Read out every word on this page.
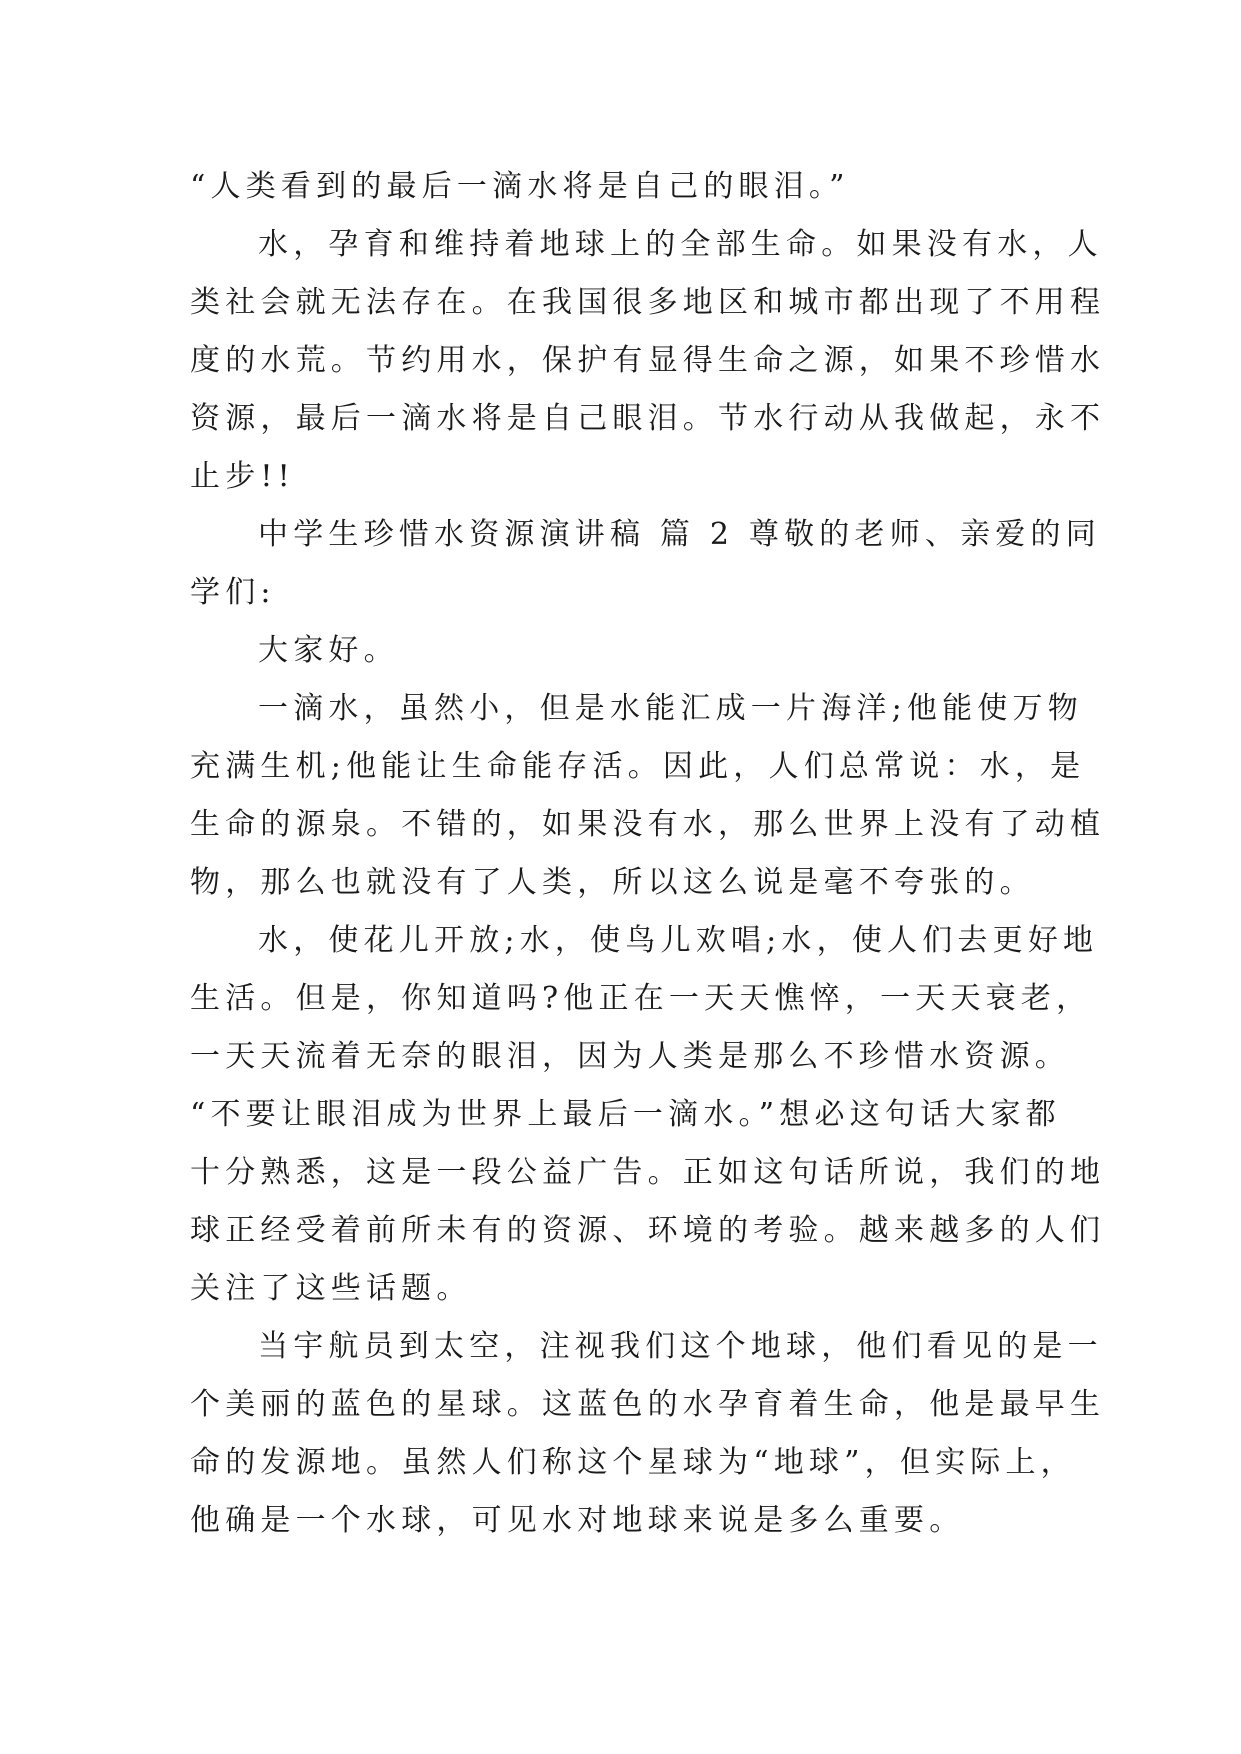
“人类看到的最后一滴水将是自己的眼泪。”
水，孕育和维持着地球上的全部生命。如果没有水，人
类社会就无法存在。在我国很多地区和城市都出现了不用程
度的水荒。节约用水，保护有显得生命之源，如果不珍惜水
资源，最后一滴水将是自己眼泪。节水行动从我做起，永不
止步!!
中学生珍惜水资源演讲稿 篇 2 尊敬的老师、亲爱的同
学们:
大家好。
一滴水，虽然小，但是水能汇成一片海洋;他能使万物
充满生机;他能让生命能存活。因此，人们总常说：水，是
生命的源泉。不错的，如果没有水，那么世界上没有了动植
物，那么也就没有了人类，所以这么说是毫不夸张的。
水，使花儿开放;水，使鸟儿欢唱;水，使人们去更好地
生活。但是，你知道吗?他正在一天天憔悴，一天天衰老，
一天天流着无奈的眼泪，因为人类是那么不珍惜水资源。
“不要让眼泪成为世界上最后一滴水。”想必这句话大家都
十分熟悉，这是一段公益广告。正如这句话所说，我们的地
球正经受着前所未有的资源、环境的考验。越来越多的人们
关注了这些话题。
当宇航员到太空，注视我们这个地球，他们看见的是一
个美丽的蓝色的星球。这蓝色的水孕育着生命，他是最早生
命的发源地。虽然人们称这个星球为“地球”，但实际上，
他确是一个水球，可见水对地球来说是多么重要。
